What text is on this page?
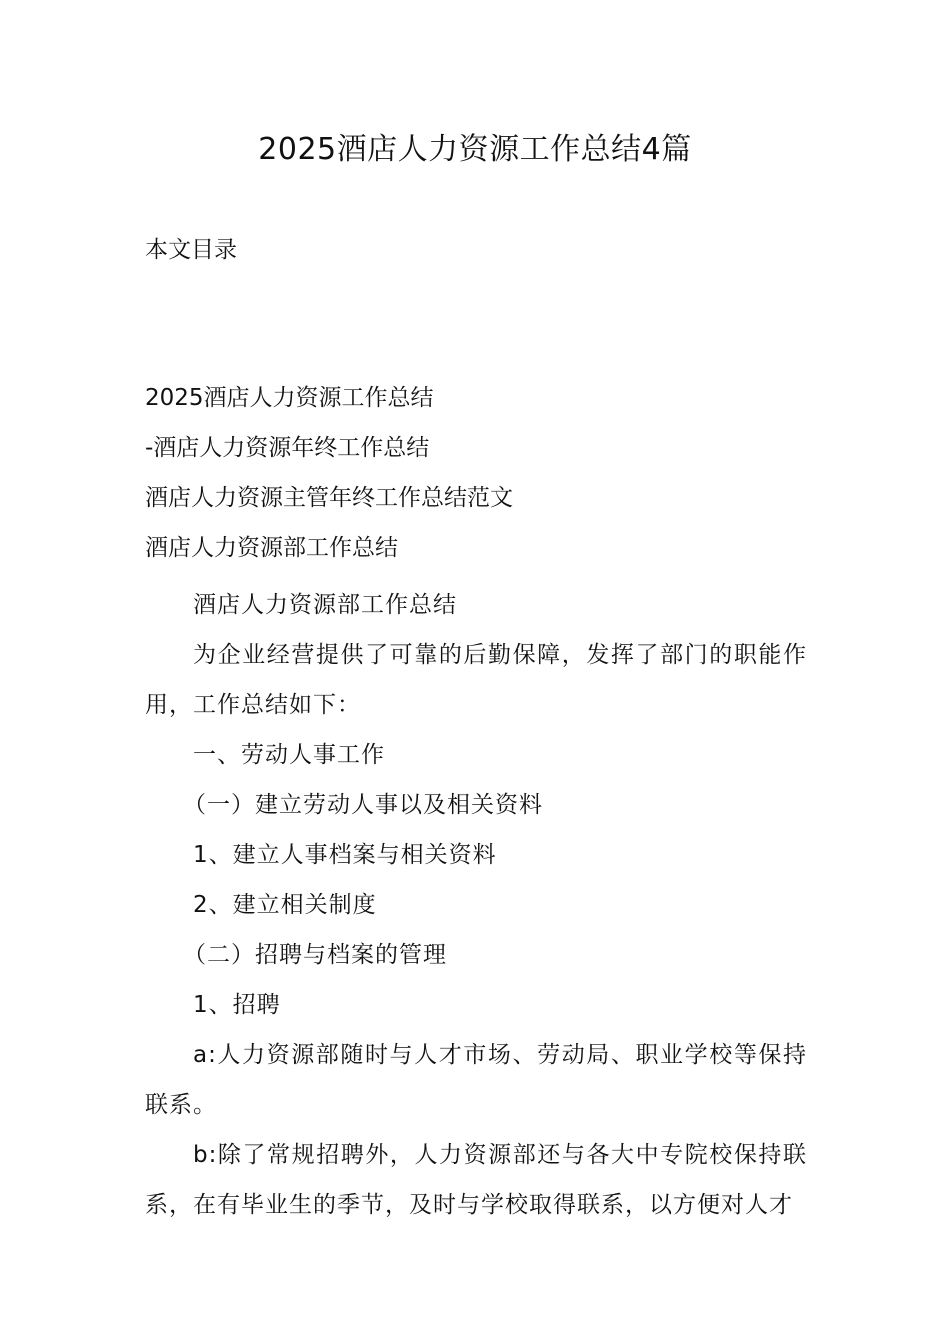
2025酒店人力资源工作总结4篇
本文目录
2025酒店人力资源工作总结
-酒店人力资源年终工作总结
酒店人力资源主管年终工作总结范文
酒店人力资源部工作总结

酒店人力资源部工作总结

为企业经营提供了可靠的后勤保障，发挥了部门的职能作用，工作总结如下：

一、劳动人事工作

（一）建立劳动人事以及相关资料

1、建立人事档案与相关资料

2、建立相关制度

（二）招聘与档案的管理

1、招聘

a:人力资源部随时与人才市场、劳动局、职业学校等保持联系。

b:除了常规招聘外，人力资源部还与各大中专院校保持联系，在有毕业生的季节，及时与学校取得联系，以方便对人才
